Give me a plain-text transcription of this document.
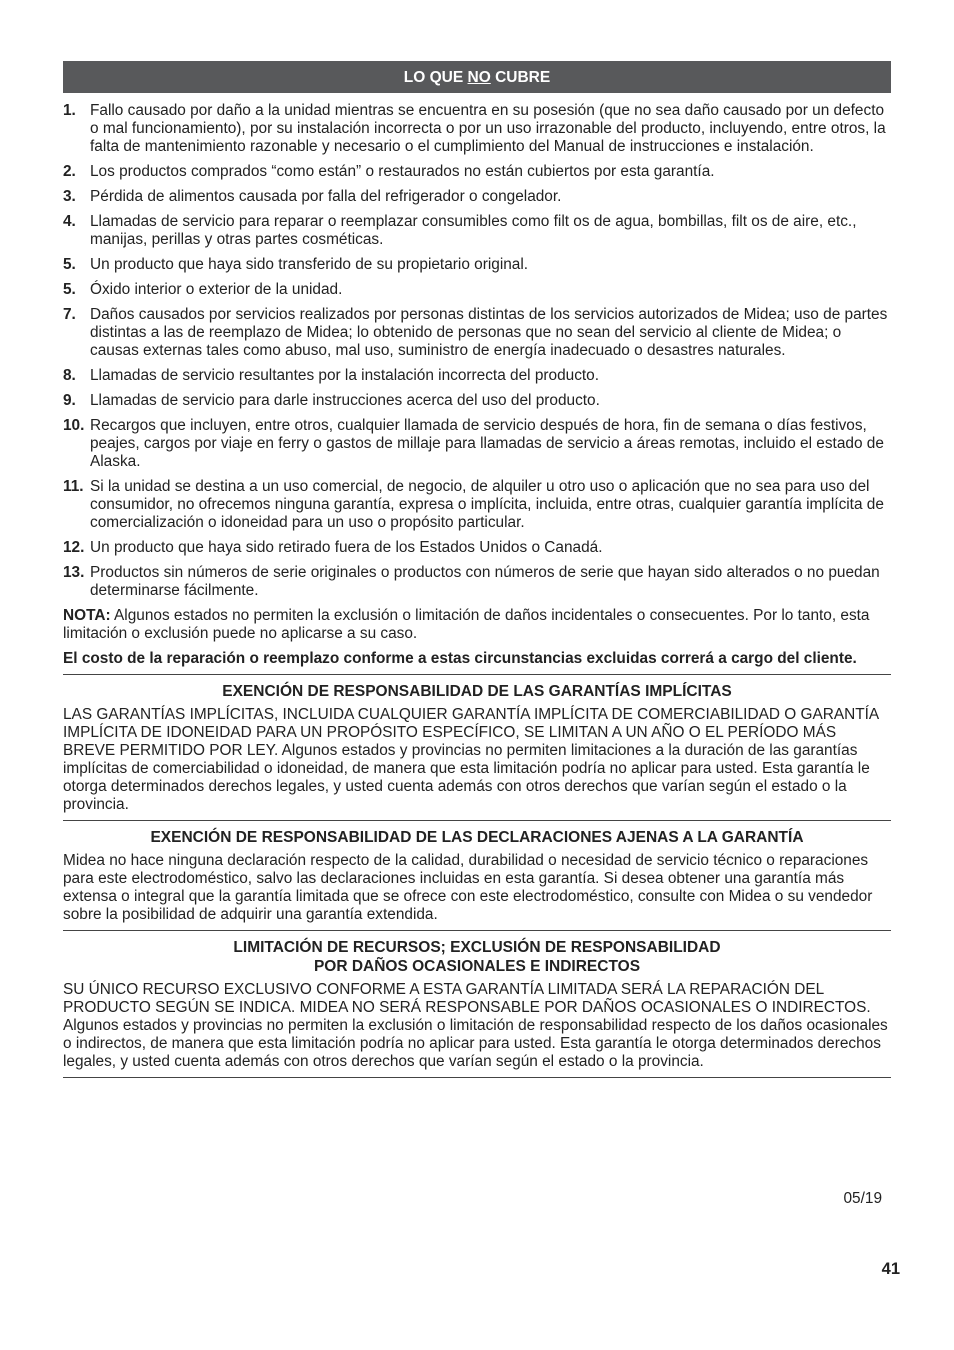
LO QUE NO CUBRE
1. Fallo causado por daño a la unidad mientras se encuentra en su posesión (que no sea daño causado por un defecto o mal funcionamiento), por su instalación incorrecta o por un uso irrazonable del producto, incluyendo, entre otros, la falta de mantenimiento razonable y necesario o el cumplimiento del Manual de instrucciones e instalación.
2. Los productos comprados “como están” o restaurados no están cubiertos por esta garantía.
3. Pérdida de alimentos causada por falla del refrigerador o congelador.
4. Llamadas de servicio para reparar o reemplazar consumibles como filt os de agua, bombillas, filt os de aire, etc., manijas, perillas y otras partes cosméticas.
5. Un producto que haya sido transferido de su propietario original.
5. Óxido interior o exterior de la unidad.
7. Daños causados por servicios realizados por personas distintas de los servicios autorizados de Midea; uso de partes distintas a las de reemplazo de Midea; lo obtenido de personas que no sean del servicio al cliente de Midea; o causas externas tales como abuso, mal uso, suministro de energía inadecuado o desastres naturales.
8. Llamadas de servicio resultantes por la instalación incorrecta del producto.
9. Llamadas de servicio para darle instrucciones acerca del uso del producto.
10. Recargos que incluyen, entre otros, cualquier llamada de servicio después de hora, fin de semana o días festivos, peajes, cargos por viaje en ferry o gastos de millaje para llamadas de servicio a áreas remotas, incluido el estado de Alaska.
11. Si la unidad se destina a un uso comercial, de negocio, de alquiler u otro uso o aplicación que no sea para uso del consumidor, no ofrecemos ninguna garantía, expresa o implícita, incluida, entre otras, cualquier garantía implícita de comercialización o idoneidad para un uso o propósito particular.
12. Un producto que haya sido retirado fuera de los Estados Unidos o Canadá.
13. Productos sin números de serie originales o productos con números de serie que hayan sido alterados o no puedan determinarse fácilmente.

NOTA: Algunos estados no permiten la exclusión o limitación de daños incidentales o consecuentes. Por lo tanto, esta limitación o exclusión puede no aplicarse a su caso.

El costo de la reparación o reemplazo conforme a estas circunstancias excluidas correrá a cargo del cliente.

EXENCIÓN DE RESPONSABILIDAD DE LAS GARANTÍAS IMPLÍCITAS

LAS GARANTÍAS IMPLÍCITAS, INCLUIDA CUALQUIER GARANTÍA IMPLÍCITA DE COMERCIABILIDAD O GARANTÍA IMPLÍCITA DE IDONEIDAD PARA UN PROPÓSITO ESPECÍFICO, SE LIMITAN A UN AÑO O EL PERÍODO MÁS BREVE PERMITIDO POR LEY. Algunos estados y provincias no permiten limitaciones a la duración de las garantías implícitas de comerciabilidad o idoneidad, de manera que esta limitación podría no aplicar para usted. Esta garantía le otorga determinados derechos legales, y usted cuenta además con otros derechos que varían según el estado o la provincia.

EXENCIÓN DE RESPONSABILIDAD DE LAS DECLARACIONES AJENAS A LA GARANTÍA

Midea no hace ninguna declaración respecto de la calidad, durabilidad o necesidad de servicio técnico o reparaciones para este electrodoméstico, salvo las declaraciones incluidas en esta garantía. Si desea obtener una garantía más extensa o integral que la garantía limitada que se ofrece con este electrodoméstico, consulte con Midea o su vendedor sobre la posibilidad de adquirir una garantía extendida.

LIMITACIÓN DE RECURSOS; EXCLUSIÓN DE RESPONSABILIDAD
POR DAÑOS OCASIONALES E INDIRECTOS

SU ÚNICO RECURSO EXCLUSIVO CONFORME A ESTA GARANTÍA LIMITADA SERÁ LA REPARACIÓN DEL PRODUCTO SEGÚN SE INDICA. MIDEA NO SERÁ RESPONSABLE POR DAÑOS OCASIONALES O INDIRECTOS. Algunos estados y provincias no permiten la exclusión o limitación de responsabilidad respecto de los daños ocasionales o indirectos, de manera que esta limitación podría no aplicar para usted. Esta garantía le otorga determinados derechos legales, y usted cuenta además con otros derechos que varían según el estado o la provincia.

05/19
41
